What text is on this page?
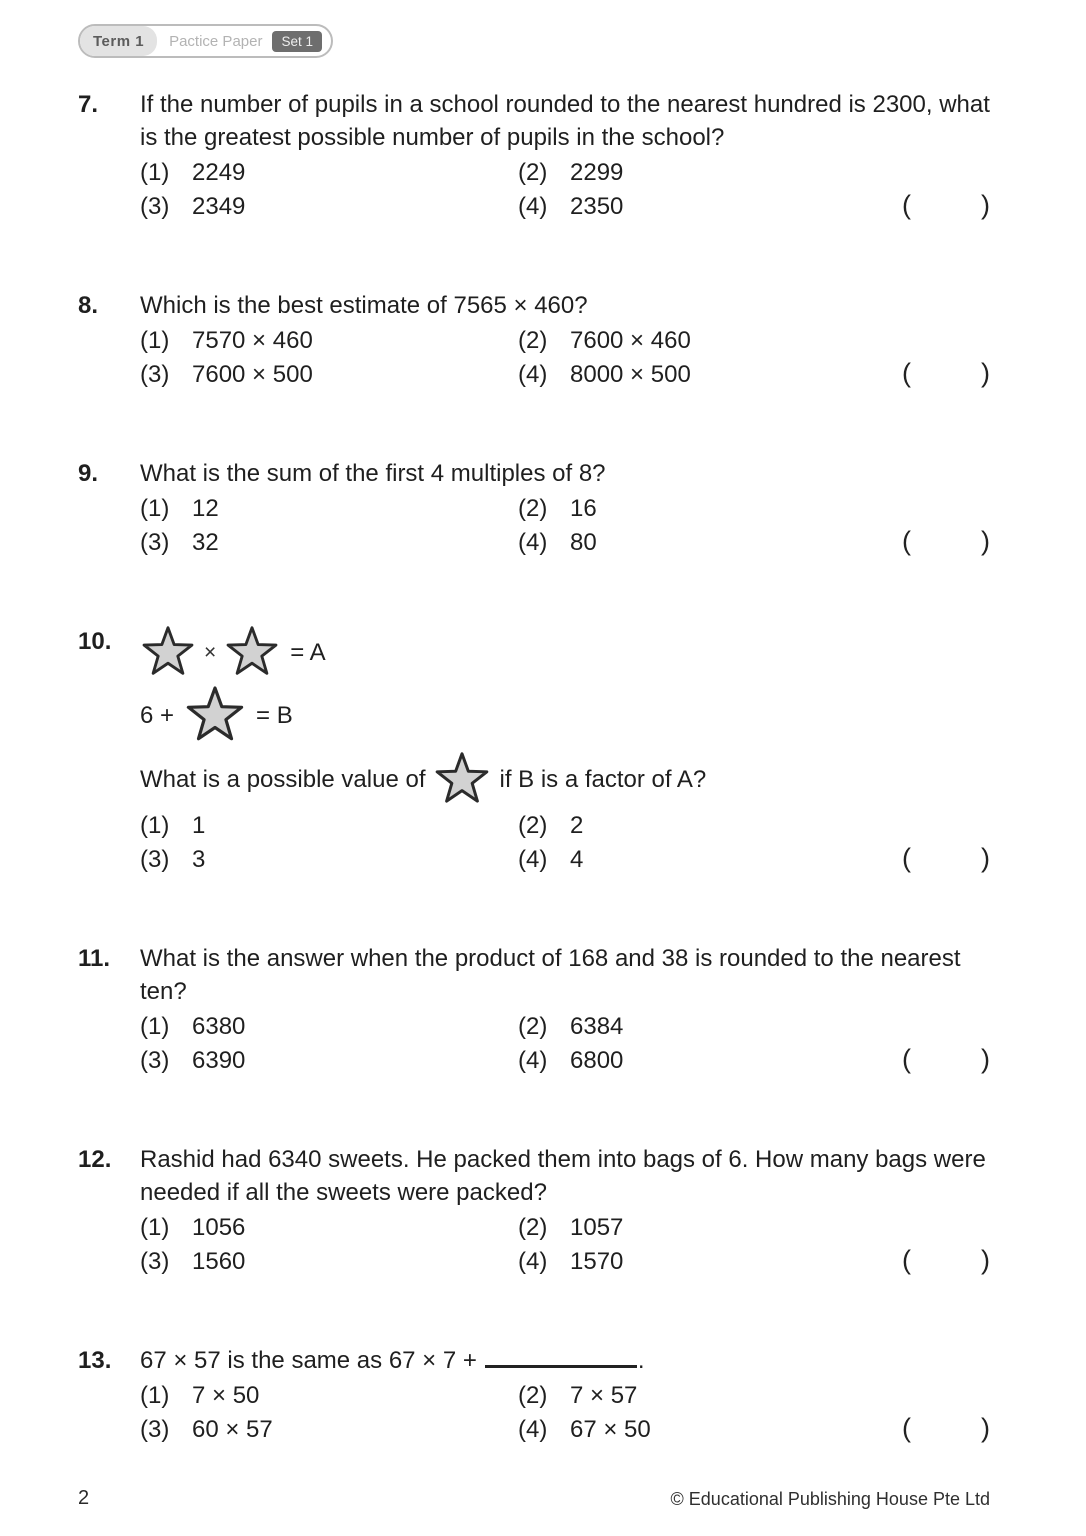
Term 1	Pactice Paper	Set 1
7.	If the number of pupils in a school rounded to the nearest hundred is 2300, what is the greatest possible number of pupils in the school?

(1) 2249	(2) 2299
(3) 2349	(4) 2350	(	)
8.	Which is the best estimate of 7565 × 460?

(1) 7570 × 460	(2) 7600 × 460
(3) 7600 × 500	(4) 8000 × 500	(	)
9.	What is the sum of the first 4 multiples of 8?

(1) 12	(2) 16
(3) 32	(4) 80	(	)
10.	×	= A
6 +	= B
What is a possible value of	if B is a factor of A?
(1) 1	(2) 2
(3) 3	(4) 4	(	)
11.	What is the answer when the product of 168 and 38 is rounded to the nearest ten?

(1) 6380	(2) 6384
(3) 6390	(4) 6800	(	)
12.	Rashid had 6340 sweets. He packed them into bags of 6. How many bags were needed if all the sweets were packed?

(1) 1056	(2) 1057
(3) 1560	(4) 1570	(	)
13.	67 × 57 is the same as 67 × 7 +	.

(1) 7 × 50	(2) 7 × 57
(3) 60 × 57	(4) 67 × 50	(	)
2	© Educational Publishing House Pte Ltd
